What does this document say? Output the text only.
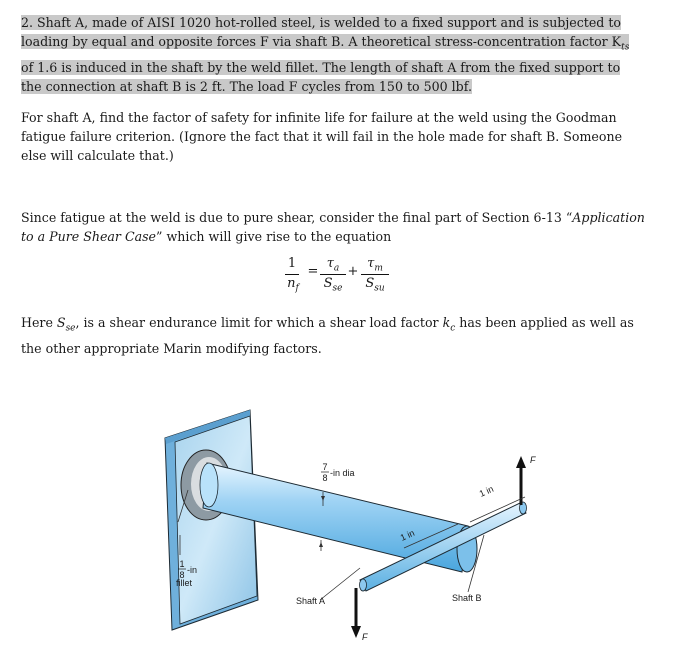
2. Shaft A, made of AISI 1020 hot-rolled steel, is welded to a fixed support and is subjected to
loading by equal and opposite forces F via shaft B. A theoretical stress-concentration factor $K_{ts}$
of 1.6 is induced in the shaft by the weld fillet. The length of shaft A from the fixed support to
the connection at shaft B is 2 ft. The load F cycles from 150 to 500 lbf.
For shaft A, find the factor of safety for infinite life for failure at the weld using the Goodman
fatigue failure criterion. (Ignore the fact that it will fail in the hole made for shaft B. Someone
else will calculate that.)
Since fatigue at the weld is due to pure shear, consider the final part of Section 6-13 “Application
to a Pure Shear Case” which will give rise to the equation
1
$n_f$
=
$\tau_a$
$S_{se}$
+
$\tau_m$
$S_{su}$
Here $S_{se}$, is a shear endurance limit for which a shear load factor $k_c$ has been applied as well as
the other appropriate Marin modifying factors.
7
8 -in dia
1
8 -in
fillet
1 in
1 in
Shaft A	Shaft B
F
F
